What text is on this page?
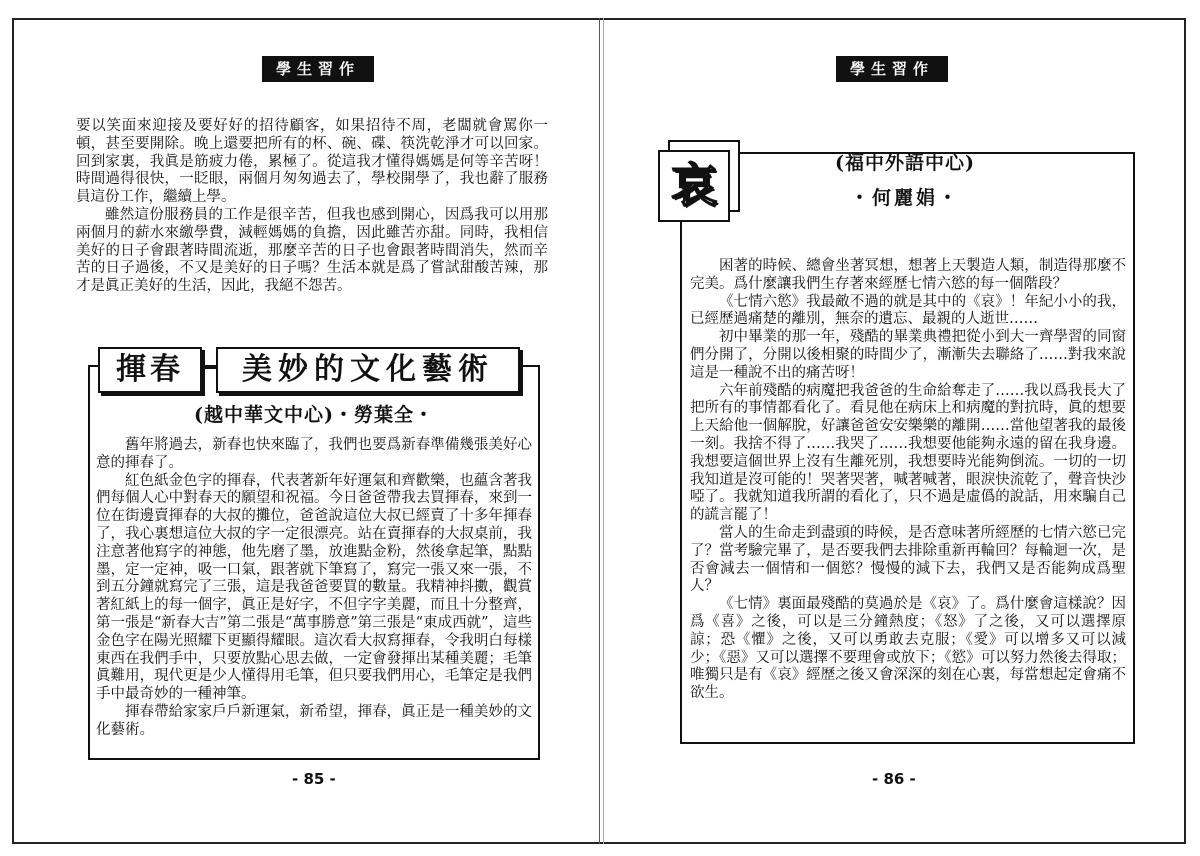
學生習作
- 85 -

要以笑面來迎接及要好好的招待顧客，如果招待不周，老闆就會罵你一頓，甚至要開除。晚上還要把所有的杯、碗、碟、筷洗乾淨才可以回家。回到家裏，我眞是筋疲力倦，累極了。從這我才懂得媽媽是何等辛苦呀！時間過得很快，一眨眼，兩個月匆匆過去了，學校開學了，我也辭了服務員這份工作，繼續上學。

雖然這份服務員的工作是很辛苦，但我也感到開心，因爲我可以用那兩個月的薪水來繳學費，減輕媽媽的負擔，因此雖苦亦甜。同時，我相信美好的日子會跟著時間流逝，那麼辛苦的日子也會跟著時間消失，然而辛苦的日子過後，不又是美好的日子嗎？生活本就是爲了嘗試甜酸苦辣，那才是眞正美好的生活，因此，我絕不怨苦。

揮春	美妙的文化藝術
(越中華文中心)・勞葉全・

舊年將過去，新春也快來臨了，我們也要爲新春準備幾張美好心意的揮春了。

紅色紙金色字的揮春，代表著新年好運氣和齊歡樂，也蘊含著我們每個人心中對春天的願望和祝福。今日爸爸帶我去買揮春，來到一位在街邊賣揮春的大叔的攤位，爸爸說這位大叔已經賣了十多年揮春了，我心裏想這位大叔的字一定很漂亮。站在賣揮春的大叔桌前，我注意著他寫字的神態，他先磨了墨，放進點金粉，然後拿起筆，點點墨，定一定神，吸一口氣，跟著就下筆寫了，寫完一張又來一張，不到五分鐘就寫完了三張，這是我爸爸要買的數量。我精神抖擻，觀賞著紅紙上的每一個字，眞正是好字，不但字字美麗，而且十分整齊，第一張是“新春大吉”第二張是“萬事勝意”第三張是“東成西就”，這些金色字在陽光照耀下更顯得耀眼。這次看大叔寫揮春，令我明白每樣東西在我們手中，只要放點心思去做，一定會發揮出某種美麗；毛筆眞難用，現代更是少人懂得用毛筆，但只要我們用心，毛筆定是我們手中最奇妙的一種神筆。

揮春帶給家家戶戶新運氣，新希望，揮春，眞正是一種美妙的文化藝術。

學生習作
- 86 -
哀	(福中外語中心)
・何麗娟・

困著的時候、總會坐著冥想，想著上天製造人類，制造得那麼不完美。爲什麼讓我們生存著來經歷七情六慾的每一個階段？

《七情六慾》我最敵不過的就是其中的《哀》！年紀小小的我，已經歷過痛楚的離別，無奈的遺忘、最親的人逝世……

初中畢業的那一年，殘酷的畢業典禮把從小到大一齊學習的同窗們分開了，分開以後相聚的時間少了，漸漸失去聯絡了……對我來說這是一種說不出的痛苦呀！

六年前殘酷的病魔把我爸爸的生命給奪走了……我以爲我長大了把所有的事情都看化了。看見他在病床上和病魔的對抗時，眞的想要上天給他一個解脫，好讓爸爸安安樂樂的離開……當他望著我的最後一刻。我捨不得了……我哭了……我想要他能夠永遠的留在我身邊。我想要這個世界上沒有生離死別，我想要時光能夠倒流。一切的一切我知道是沒可能的！哭著哭著，喊著喊著，眼淚快流乾了，聲音快沙啞了。我就知道我所謂的看化了，只不過是虛僞的說話，用來騙自己的謊言罷了！

當人的生命走到盡頭的時候，是否意味著所經歷的七情六慾已完了？當考驗完畢了，是否要我們去排除重新再輪回？每輪迴一次，是否會減去一個情和一個慾？慢慢的減下去，我們又是否能夠成爲聖人？

《七情》裏面最殘酷的莫過於是《哀》了。爲什麼會這樣說？因爲《喜》之後，可以是三分鐘熱度；《怒》了之後，又可以選擇原諒；恐《懼》之後，又可以勇敢去克服；《愛》可以增多又可以減少；《惡》又可以選擇不要理會或放下；《慾》可以努力然後去得取；唯獨只是有《哀》經歷之後又會深深的刻在心裏，每當想起定會痛不欲生。
